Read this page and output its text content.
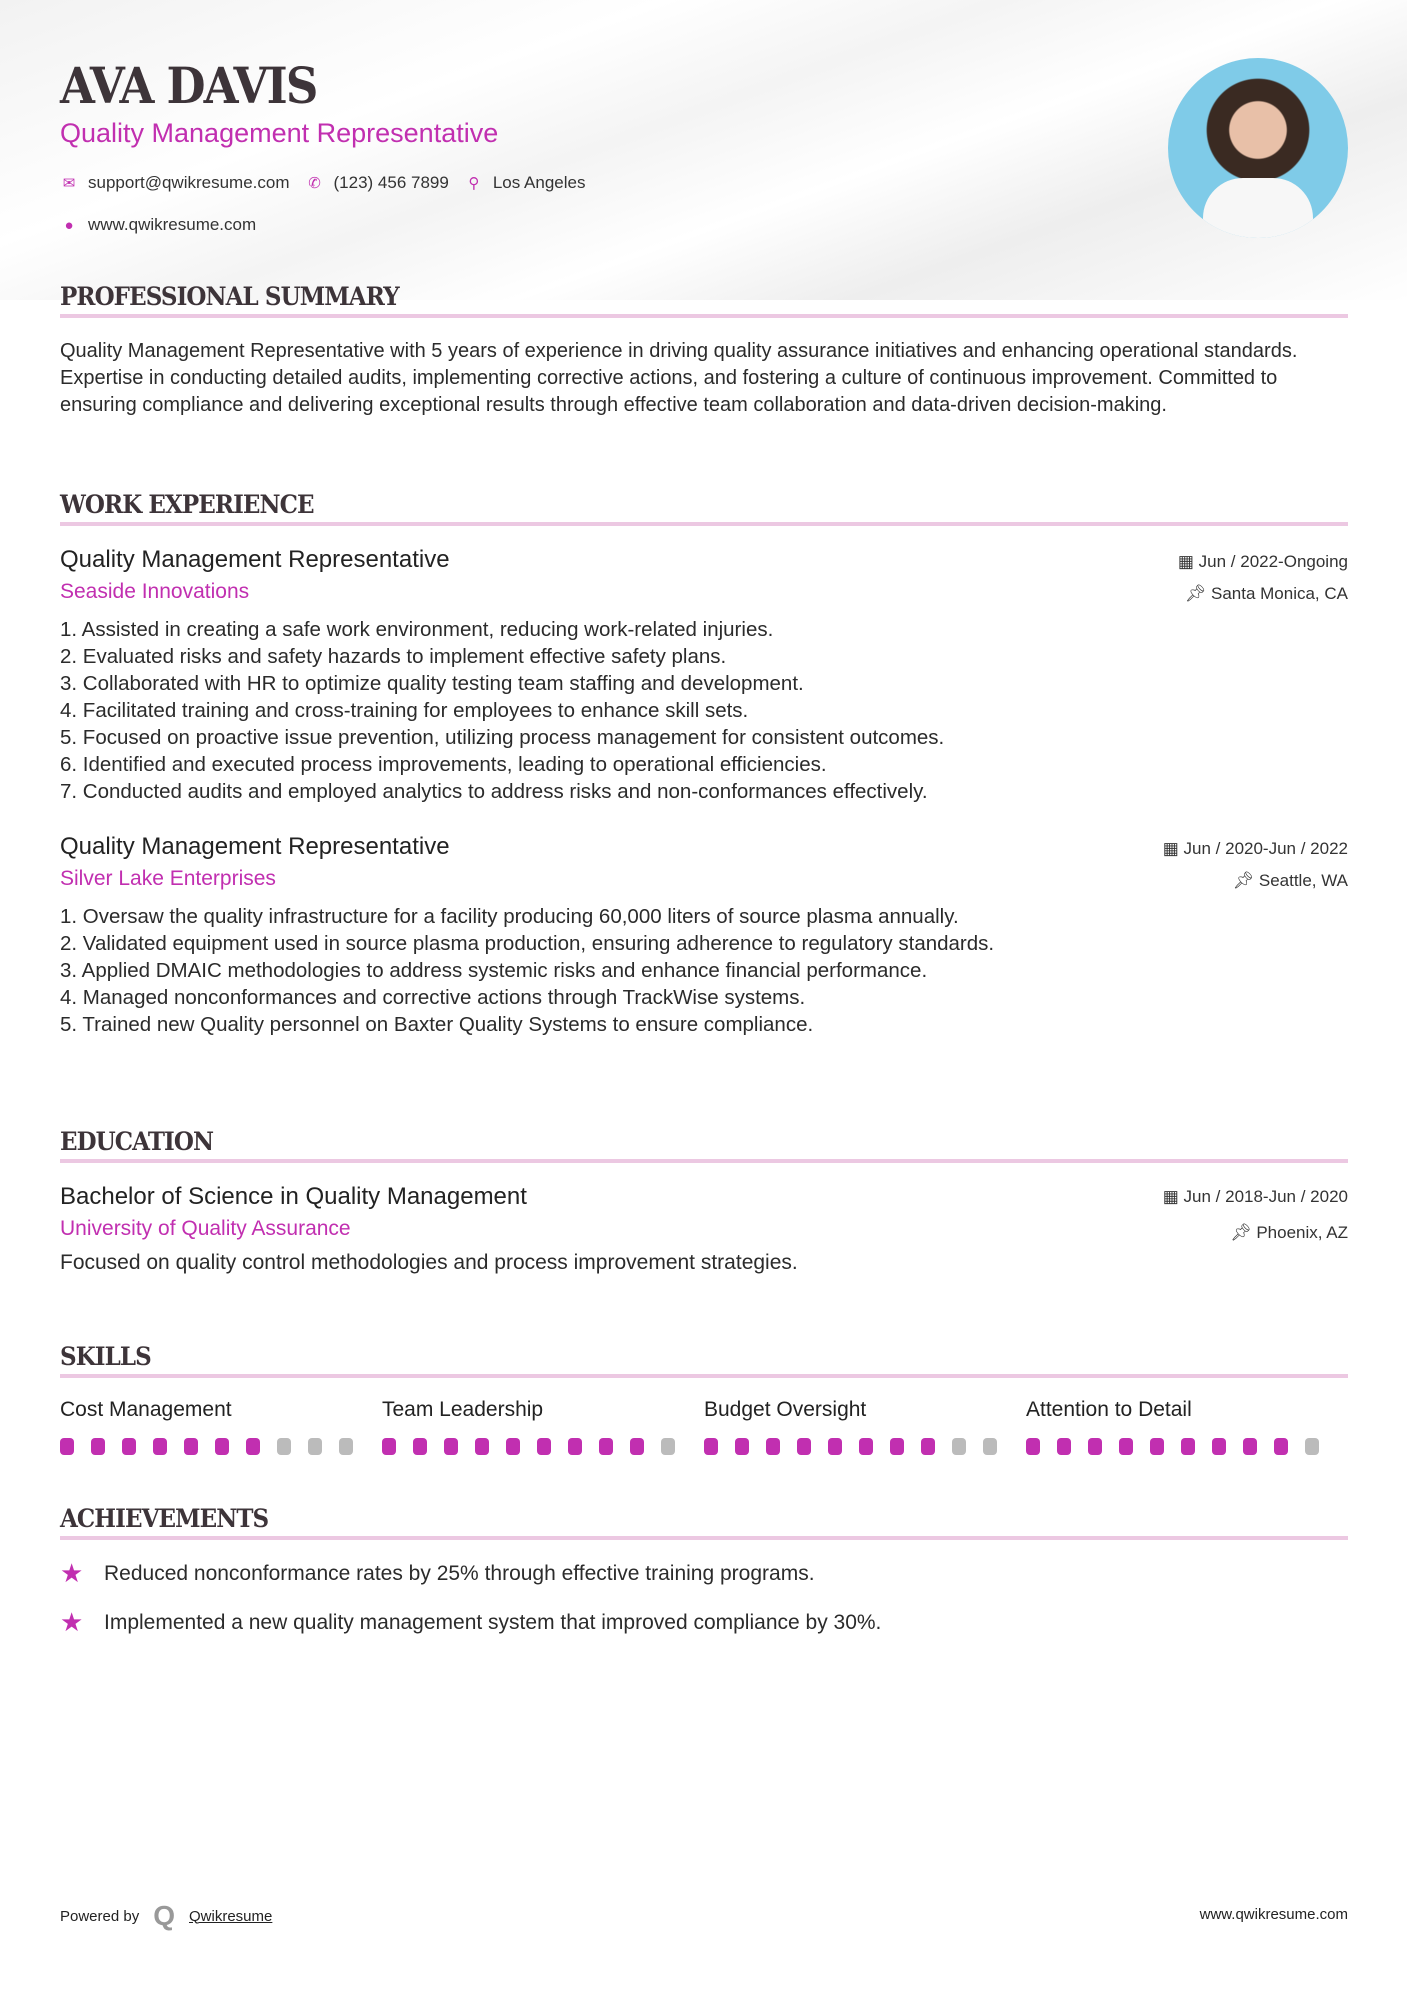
AVA DAVIS
Quality Management Representative
✉ support@qwikresume.com ✆ (123) 456 7899 ⚲ Los Angeles
● www.qwikresume.com
PROFESSIONAL SUMMARY

Quality Management Representative with 5 years of experience in driving quality assurance initiatives and enhancing operational standards. Expertise in conducting detailed audits, implementing corrective actions, and fostering a culture of continuous improvement. Committed to ensuring compliance and delivering exceptional results through effective team collaboration and data-driven decision-making.

WORK EXPERIENCE
▦ Jun / 2022-Ongoing
📌︎ Santa Monica, CA
Quality Management Representative
Seaside Innovations
1. Assisted in creating a safe work environment, reducing work-related injuries.
2. Evaluated risks and safety hazards to implement effective safety plans.
3. Collaborated with HR to optimize quality testing team staffing and development.
4. Facilitated training and cross-training for employees to enhance skill sets.
5. Focused on proactive issue prevention, utilizing process management for consistent outcomes.
6. Identified and executed process improvements, leading to operational efficiencies.
7. Conducted audits and employed analytics to address risks and non-conformances effectively.
▦ Jun / 2020-Jun / 2022
📌︎ Seattle, WA
Quality Management Representative
Silver Lake Enterprises
1. Oversaw the quality infrastructure for a facility producing 60,000 liters of source plasma annually.
2. Validated equipment used in source plasma production, ensuring adherence to regulatory standards.
3. Applied DMAIC methodologies to address systemic risks and enhance financial performance.
4. Managed nonconformances and corrective actions through TrackWise systems.
5. Trained new Quality personnel on Baxter Quality Systems to ensure compliance.
EDUCATION
▦ Jun / 2018-Jun / 2020
📌︎ Phoenix, AZ
Bachelor of Science in Quality Management
University of Quality Assurance
Focused on quality control methodologies and process improvement strategies.
SKILLS
Cost Management	Team Leadership	Budget Oversight	Attention to Detail
ACHIEVEMENTS
★ Reduced nonconformance rates by 25% through effective training programs.
★ Implemented a new quality management system that improved compliance by 30%.
Powered by Q Qwikresume	www.qwikresume.com
